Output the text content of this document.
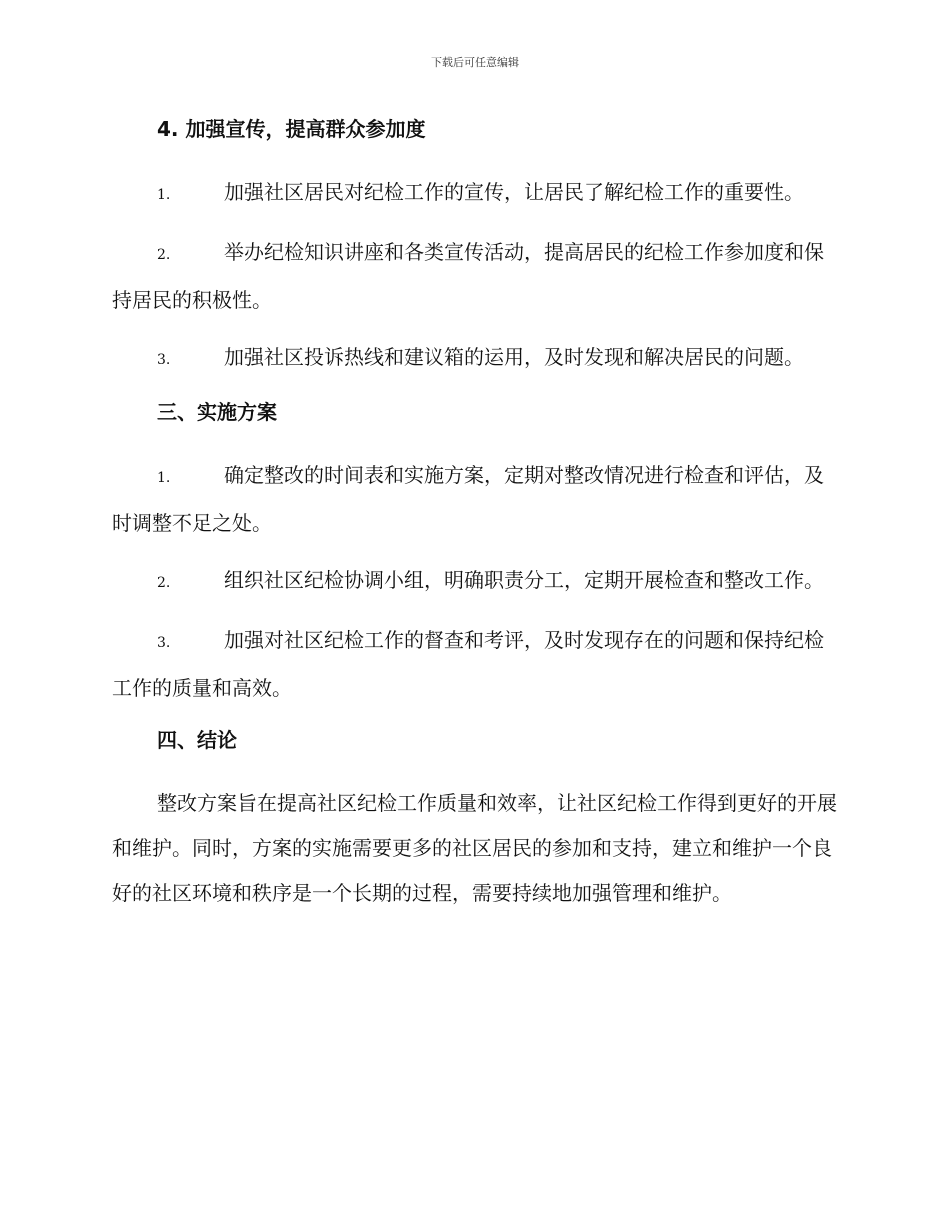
下载后可任意编辑
4. 加强宣传，提高群众参加度

1.	加强社区居民对纪检工作的宣传，让居民了解纪检工作的重要性。

2.	举办纪检知识讲座和各类宣传活动，提高居民的纪检工作参加度和保持居民的积极性。

3.	加强社区投诉热线和建议箱的运用，及时发现和解决居民的问题。

三、实施方案

1.	确定整改的时间表和实施方案，定期对整改情况进行检查和评估，及时调整不足之处。

2.	组织社区纪检协调小组，明确职责分工，定期开展检查和整改工作。

3.	加强对社区纪检工作的督查和考评，及时发现存在的问题和保持纪检工作的质量和高效。

四、结论

整改方案旨在提高社区纪检工作质量和效率，让社区纪检工作得到更好的开展和维护。同时，方案的实施需要更多的社区居民的参加和支持，建立和维护一个良好的社区环境和秩序是一个长期的过程，需要持续地加强管理和维护。
